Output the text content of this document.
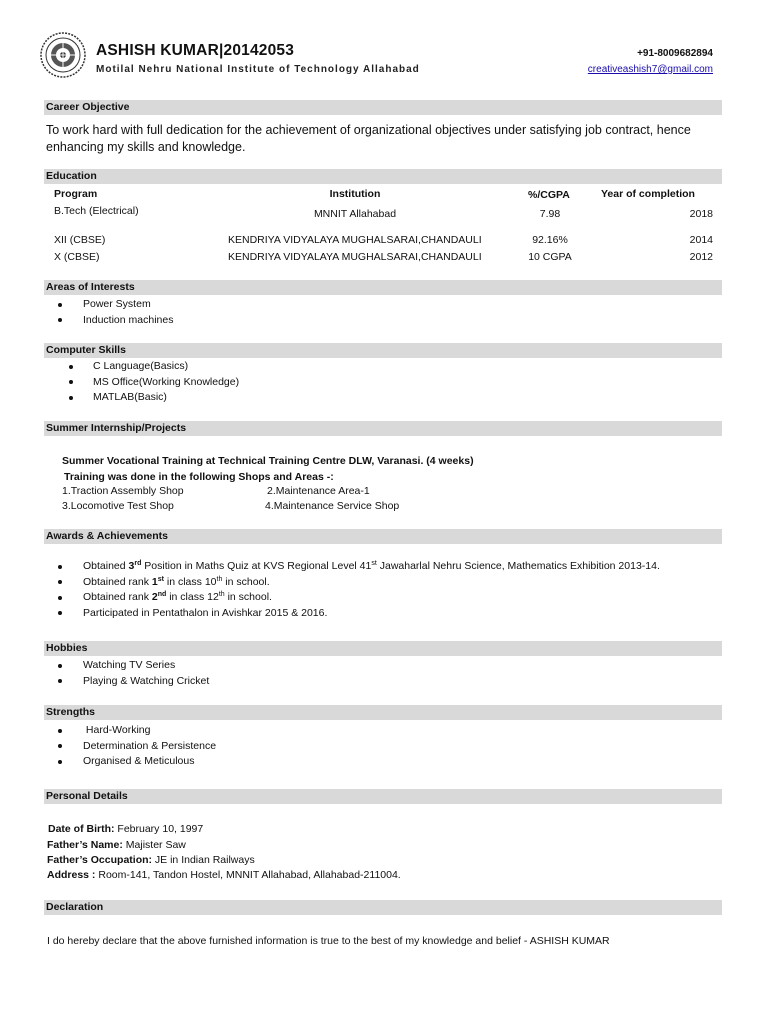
ASHISH KUMAR|20142053
Motilal Nehru National Institute of Technology Allahabad
+91-8009682894
creativeashish7@gmail.com
Career Objective
To work hard with full dedication for the achievement of organizational objectives under satisfying job contract, hence enhancing my skills and knowledge.
Education
Program	Institution	%/CGPA	Year of completion
B.Tech (Electrical)	MNNIT Allahabad	7.98	2018
XII (CBSE)	KENDRIYA VIDYALAYA MUGHALSARAI,CHANDAULI	92.16%	2014
X (CBSE)	KENDRIYA VIDYALAYA MUGHALSARAI,CHANDAULI	10 CGPA	2012
Areas of Interests
Power System
Induction machines
Computer Skills
C Language(Basics)
MS Office(Working Knowledge)
MATLAB(Basic)
Summer Internship/Projects
Summer Vocational Training at Technical Training Centre DLW, Varanasi. (4 weeks)
Training was done in the following Shops and Areas -:
1.Traction Assembly Shop	2.Maintenance Area-1
3.Locomotive Test Shop	4.Maintenance Service Shop
Awards & Achievements
Obtained 3rd Position in Maths Quiz at KVS Regional Level 41st Jawaharlal Nehru Science, Mathematics Exhibition 2013-14.
Obtained rank 1st in class 10th in school.
Obtained rank 2nd in class 12th in school.
Participated in Pentathalon in Avishkar 2015 & 2016.
Hobbies
Watching TV Series
Playing & Watching Cricket
Strengths
Hard-Working
Determination & Persistence
Organised & Meticulous
Personal Details
Date of Birth: February 10, 1997
Father’s Name: Majister Saw
Father’s Occupation: JE in Indian Railways
Address : Room-141, Tandon Hostel, MNNIT Allahabad, Allahabad-211004.
Declaration
I do hereby declare that the above furnished information is true to the best of my knowledge and belief - ASHISH KUMAR
